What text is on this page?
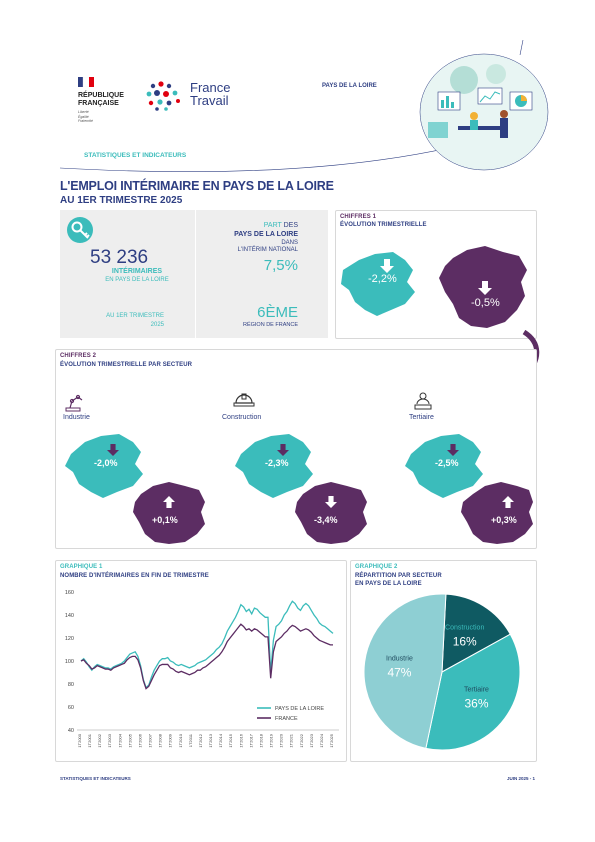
RÉPUBLIQUE
FRANÇAISE
Liberté
Égalité
Fraternité
France
Travail
PAYS DE LA LOIRE
STATISTIQUES ET INDICATEURS
L'EMPLOI INTÉRIMAIRE EN PAYS DE LA LOIRE
AU 1ER TRIMESTRE 2025
53 236
INTÉRIMAIRES
EN PAYS DE LA LOIRE
AU 1ER TRIMESTRE
2025
PART DES
PAYS DE LA LOIRE
DANS
L'INTÉRIM NATIONAL
7,5%
6ÈME
RÉGION DE FRANCE
CHIFFRES 1
ÉVOLUTION TRIMESTRIELLE
-2,2%
-0,5%
CHIFFRES 2
ÉVOLUTION TRIMESTRIELLE PAR SECTEUR
Industrie	Construction	Tertiaire
-2,0%
+0,1%
-2,3%
-3,4%
-2,5%
+0,3%
GRAPHIQUE 1
NOMBRE D'INTÉRIMAIRES EN FIN DE TRIMESTRE
40
60
80
100
120
140
160
1T2000 1T2001 1T2002 1T2003 1T2004 1T2005 1T2006 1T2007 1T2008 1T2009 1T2010 1T2011 1T2012 1T2013 1T2014 1T2015 1T2016 1T2017 1T2018 1T2019 1T2020 1T2021 1T2022 1T2023 1T2024 1T2025
PAYS DE LA LOIRE
FRANCE
GRAPHIQUE 2
RÉPARTITION PAR SECTEUR
EN PAYS DE LA LOIRE
Construction
16%
Tertiaire
36%
Industrie
47%
STATISTIQUES ET INDICATEURS	JUIN 2025 - 1
